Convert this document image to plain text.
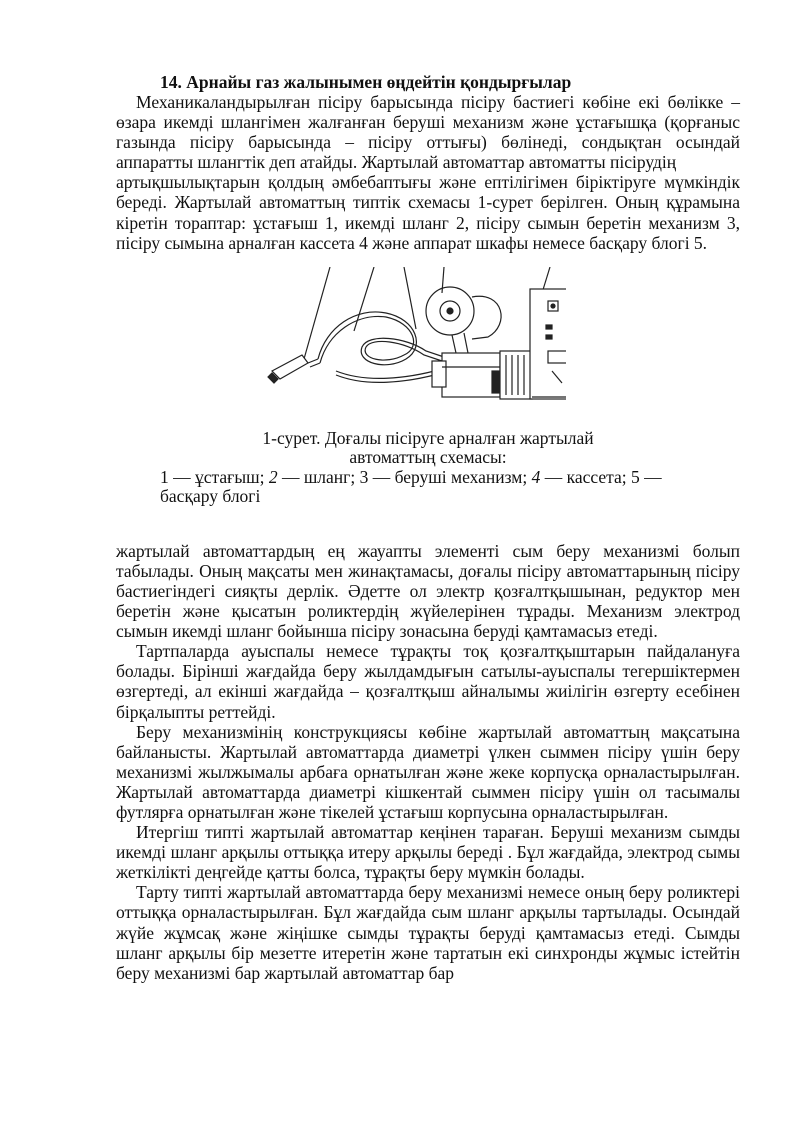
14. Арнайы газ жалынымен өңдейтін қондырғылар

Механикаландырылған пісіру барысында пісіру бастиегі көбіне екі бөлікке – өзара икемді шлангімен жалғанған беруші механизм және ұстағышқа (қорғаныс газында пісіру барысында – пісіру оттығы) бөлінеді, сондықтан осындай аппаратты шлангтік деп атайды. Жартылай автоматтар автоматты пісірудің

артықшылықтарын қолдың әмбебаптығы және ептілігімен біріктіруге мүмкіндік береді. Жартылай автоматтың типтік схемасы 1-сурет берілген. Оның құрамына кіретін тораптар: ұстағыш 1, икемді шланг 2, пісіру сымын беретін механизм 3, пісіру сымына арналған кассета 4 және аппарат шкафы немесе басқару блогі 5.

1-сурет. Доғалы пісіруге арналған жартылай автоматтың схемасы:

1 — ұстағыш; 2 — шланг; 3 — беруші механизм; 4 — кассета; 5 — басқару блогі

жартылай автоматтардың ең жауапты элементі сым беру механизмі болып табылады. Оның мақсаты мен жинақтамасы, доғалы пісіру автоматтарының пісіру бастиегіндегі сияқты дерлік. Әдетте ол электр қозғалтқышынан, редуктор мен беретін және қысатын роликтердің жүйелерінен тұрады. Механизм электрод сымын икемді шланг бойынша пісіру зонасына беруді қамтамасыз етеді.

Тартпаларда ауыспалы немесе тұрақты тоқ қозғалтқыштарын пайдалануға болады. Бірінші жағдайда беру жылдамдығын сатылы-ауыспалы тегершіктермен өзгертеді, ал екінші жағдайда – қозғалтқыш айналымы жиілігін өзгерту есебінен бірқалыпты реттейді.

Беру механизмінің конструкциясы көбіне жартылай автоматтың мақсатына байланысты. Жартылай автоматтарда диаметрі үлкен сыммен пісіру үшін беру механизмі жылжымалы арбаға орнатылған және жеке корпусқа орналастырылған. Жартылай автоматтарда диаметрі кішкентай сыммен пісіру үшін ол тасымалы футлярға орнатылған және тікелей ұстағыш корпусына орналастырылған.

Итергіш типті жартылай автоматтар кеңінен тараған. Беруші механизм сымды икемді шланг арқылы оттыққа итеру арқылы береді . Бұл жағдайда, электрод сымы жеткілікті деңгейде қатты болса, тұрақты беру мүмкін болады.

Тарту типті жартылай автоматтарда беру механизмі немесе оның беру роликтері оттыққа орналастырылған. Бұл жағдайда сым шланг арқылы тартылады. Осындай жүйе жұмсақ және жіңішке сымды тұрақты беруді қамтамасыз етеді. Сымды шланг арқылы бір мезетте итеретін және тартатын екі синхронды жұмыс істейтін беру механизмі бар жартылай автоматтар бар
